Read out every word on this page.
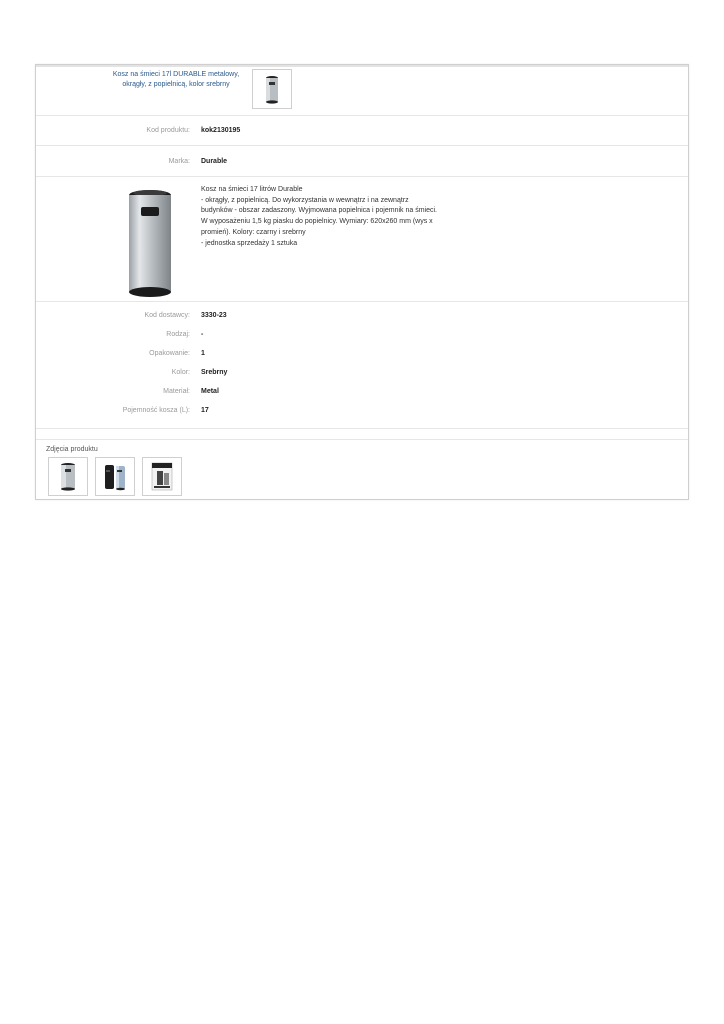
Kosz na śmieci 17l DURABLE metalowy,
okrągły, z popielnicą, kolor srebrny
Kod produktu: kok2130195
Marka: Durable
Kosz na śmieci 17 litrów Durable
- okrągły, z popielnicą. Do wykorzystania w wewnątrz i na zewnątrz
budynków - obszar zadaszony. Wyjmowana popielnica i pojemnik na śmieci.
W wyposażeniu 1,5 kg piasku do popielnicy. Wymiary: 620x260 mm (wys x
promień). Kolory: czarny i srebrny
- jednostka sprzedaży 1 sztuka
Kod dostawcy: 3330-23
Rodzaj: -
Opakowanie: 1
Kolor: Srebrny
Materiał: Metal
Pojemność kosza (L): 17
Zdjęcia produktu
